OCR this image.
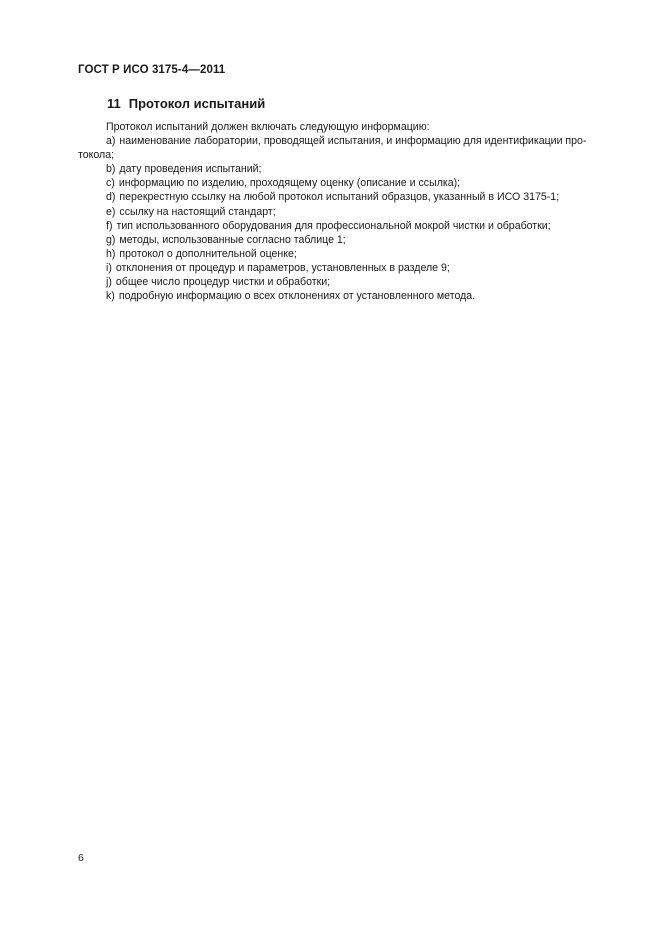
ГОСТ Р ИСО 3175-4—2011
11 Протокол испытаний
Протокол испытаний должен включать следующую информацию:
a) наименование лаборатории, проводящей испытания, и информацию для идентификации про-
токола;
b) дату проведения испытаний;
c) информацию по изделию, проходящему оценку (описание и ссылка);
d) перекрестную ссылку на любой протокол испытаний образцов, указанный в ИСО 3175-1;
e) ссылку на настоящий стандарт;
f) тип использованного оборудования для профессиональной мокрой чистки и обработки;
g) методы, использованные согласно таблице 1;
h) протокол о дополнительной оценке;
i) отклонения от процедур и параметров, установленных в разделе 9;
j) общее число процедур чистки и обработки;
k) подробную информацию о всех отклонениях от установленного метода.
6
